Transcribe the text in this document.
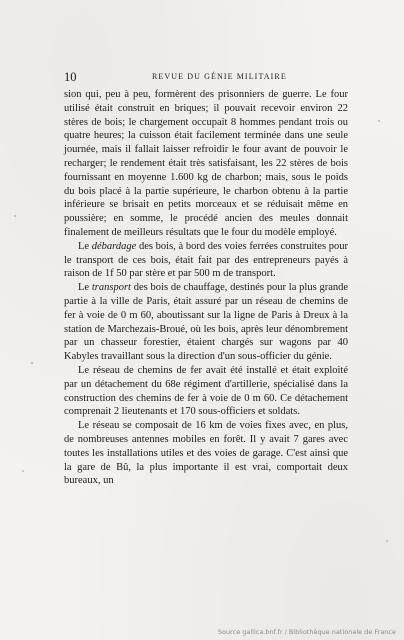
10	REVUE DU GÉNIE MILITAIRE

sion qui, peu à peu, formèrent des prisonniers de guerre. Le four utilisé était construit en briques; il pouvait recevoir environ 22 stères de bois; le chargement occupait 8 hommes pendant trois ou quatre heures; la cuisson était facilement terminée dans une seule journée, mais il fallait laisser refroidir le four avant de pouvoir le recharger; le rendement était très satisfaisant, les 22 stères de bois fournissant en moyenne 1.600 kg de charbon; mais, sous le poids du bois placé à la partie supérieure, le charbon obtenu à la partie inférieure se brisait en petits morceaux et se réduisait même en poussière; en somme, le procédé ancien des meules donnait finalement de meilleurs résultats que le four du modèle employé.

Le débardage des bois, à bord des voies ferrées construites pour le transport de ces bois, était fait par des entrepreneurs payés à raison de 1f 50 par stère et par 500 m de transport.

Le transport des bois de chauffage, destinés pour la plus grande partie à la ville de Paris, était assuré par un réseau de chemins de fer à voie de 0 m 60, aboutissant sur la ligne de Paris à Dreux à la station de Marchezais-Broué, où les bois, après leur dénombrement par un chasseur forestier, étaient chargés sur wagons par 40 Kabyles travaillant sous la direction d'un sous-officier du génie.

Le réseau de chemins de fer avait été installé et était exploité par un détachement du 68e régiment d'artillerie, spécialisé dans la construction des chemins de fer à voie de 0 m 60. Ce détachement comprenait 2 lieutenants et 170 sous-officiers et soldats.

Le réseau se composait de 16 km de voies fixes avec, en plus, de nombreuses antennes mobiles en forêt. Il y avait 7 gares avec toutes les installations utiles et des voies de garage. C'est ainsi que la gare de Bû, la plus importante il est vrai, comportait deux bureaux, un

Source gallica.bnf.fr / Bibliothèque nationale de France
